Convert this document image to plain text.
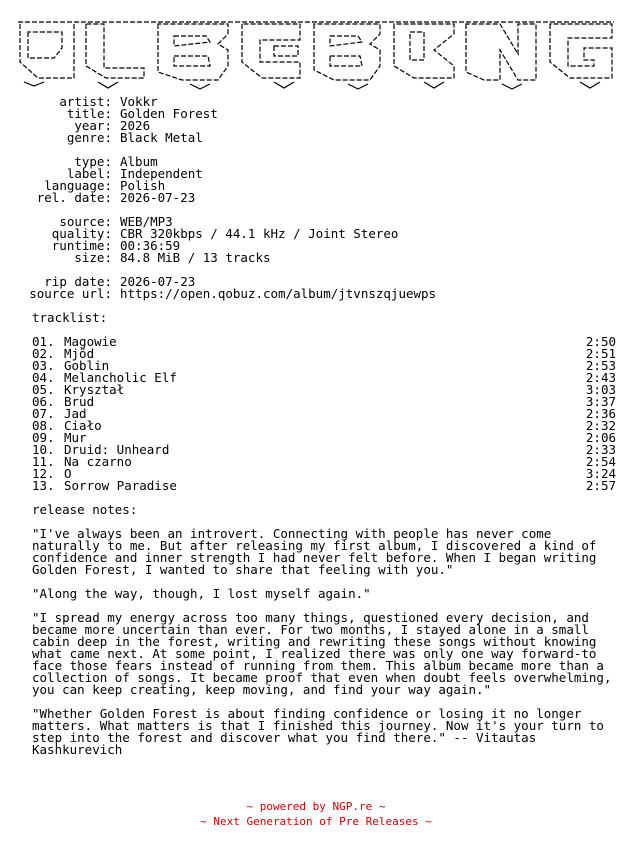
artist: Vokkr
title: Golden Forest
year: 2026
genre: Black Metal
type: Album
label: Independent
language: Polish
rel. date: 2026-07-23
source: WEB/MP3
quality: CBR 320kbps / 44.1 kHz / Joint Stereo
runtime: 00:36:59
size: 84.8 MiB / 13 tracks
rip date: 2026-07-23
source url: https://open.qobuz.com/album/jtvnszqjuewps
tracklist:
01. Magowie	2:50
02. Mjöd	2:51
03. Goblin	2:53
04. Melancholic Elf	2:43
05. Kryształ	3:03
06. Brud	3:37
07. Jad	2:36
08. Ciało	2:32
09. Mur	2:06
10. Druid: Unheard	2:33
11. Na czarno	2:54
12. O	3:24
13. Sorrow Paradise	2:57
release notes:
"I've always been an introvert. Connecting with people has never come naturally to me. But after releasing my first album, I discovered a kind of confidence and inner strength I had never felt before. When I began writing Golden Forest, I wanted to share that feeling with you."
"Along the way, though, I lost myself again."
"I spread my energy across too many things, questioned every decision, and became more uncertain than ever. For two months, I stayed alone in a small cabin deep in the forest, writing and rewriting these songs without knowing what came next. At some point, I realized there was only one way forward-to face those fears instead of running from them. This album became more than a collection of songs. It became proof that even when doubt feels overwhelming, you can keep creating, keep moving, and find your way again."
"Whether Golden Forest is about finding confidence or losing it no longer matters. What matters is that I finished this journey. Now it's your turn to step into the forest and discover what you find there." -- Vitautas Kashkurevich
~ powered by NGP.re ~
~ Next Generation of Pre Releases ~
